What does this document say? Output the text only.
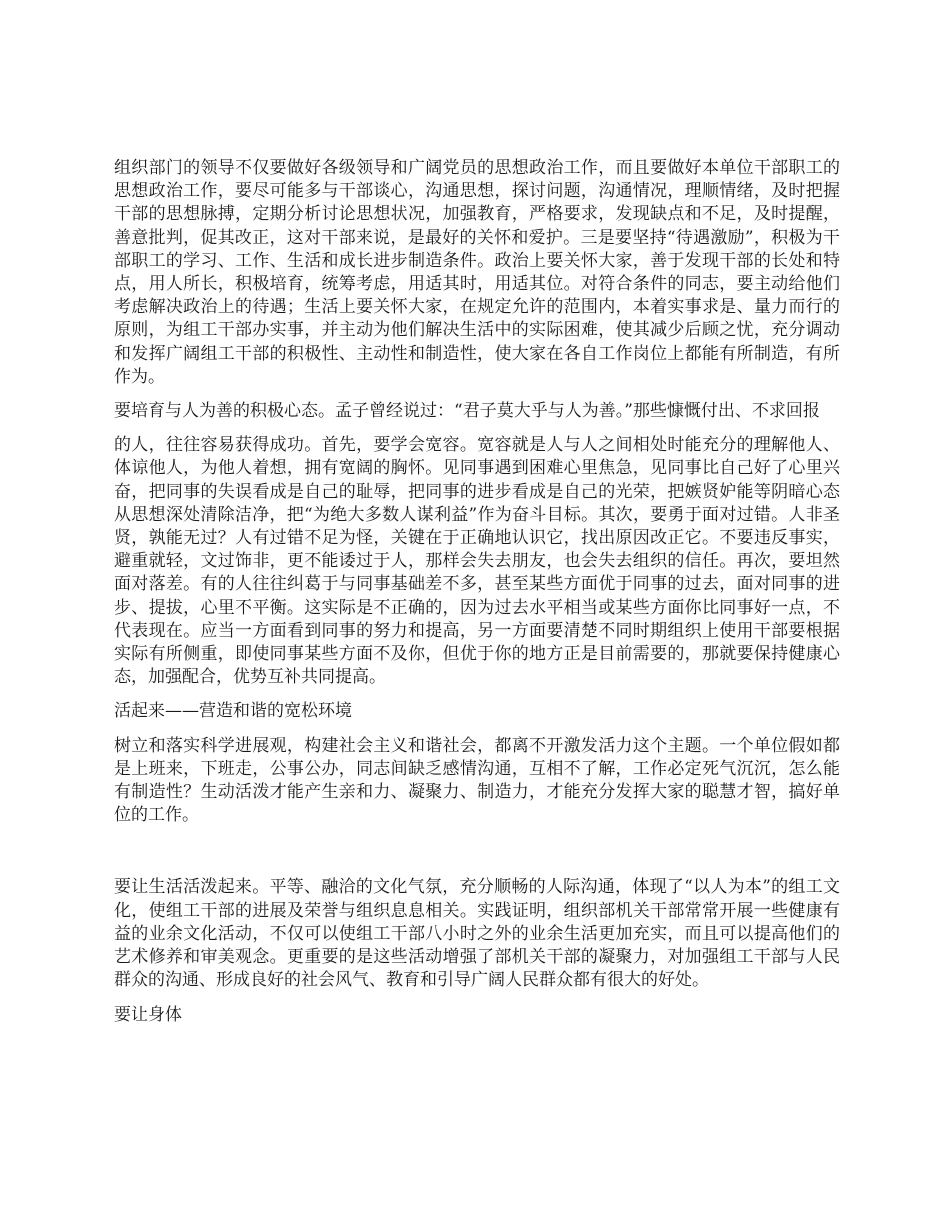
组织部门的领导不仅要做好各级领导和广阔党员的思想政治工作，而且要做好本单位干部职工的思想政治工作，要尽可能多与干部谈心，沟通思想，探讨问题，沟通情况，理顺情绪，及时把握干部的思想脉搏，定期分析讨论思想状况，加强教育，严格要求，发现缺点和不足，及时提醒，善意批判，促其改正，这对干部来说，是最好的关怀和爱护。三是要坚持“待遇激励”，积极为干部职工的学习、工作、生活和成长进步制造条件。政治上要关怀大家，善于发现干部的长处和特点，用人所长，积极培育，统筹考虑，用适其时，用适其位。对符合条件的同志，要主动给他们考虑解决政治上的待遇；生活上要关怀大家，在规定允许的范围内，本着实事求是、量力而行的原则，为组工干部办实事，并主动为他们解决生活中的实际困难，使其减少后顾之忧，充分调动和发挥广阔组工干部的积极性、主动性和制造性，使大家在各自工作岗位上都能有所制造，有所作为。

要培育与人为善的积极心态。孟子曾经说过：“君子莫大乎与人为善。”那些慷慨付出、不求回报

的人，往往容易获得成功。首先，要学会宽容。宽容就是人与人之间相处时能充分的理解他人、体谅他人，为他人着想，拥有宽阔的胸怀。见同事遇到困难心里焦急，见同事比自己好了心里兴奋，把同事的失误看成是自己的耻辱，把同事的进步看成是自己的光荣，把嫉贤妒能等阴暗心态从思想深处清除洁净，把“为绝大多数人谋利益”作为奋斗目标。其次，要勇于面对过错。人非圣贤，孰能无过？人有过错不足为怪，关键在于正确地认识它，找出原因改正它。不要违反事实，避重就轻，文过饰非，更不能诿过于人，那样会失去朋友，也会失去组织的信任。再次，要坦然面对落差。有的人往往纠葛于与同事基础差不多，甚至某些方面优于同事的过去，面对同事的进步、提拔，心里不平衡。这实际是不正确的，因为过去水平相当或某些方面你比同事好一点，不代表现在。应当一方面看到同事的努力和提高，另一方面要清楚不同时期组织上使用干部要根据实际有所侧重，即使同事某些方面不及你，但优于你的地方正是目前需要的，那就要保持健康心态，加强配合，优势互补共同提高。

活起来——营造和谐的宽松环境

树立和落实科学进展观，构建社会主义和谐社会，都离不开激发活力这个主题。一个单位假如都是上班来，下班走，公事公办，同志间缺乏感情沟通，互相不了解，工作必定死气沉沉，怎么能有制造性？生动活泼才能产生亲和力、凝聚力、制造力，才能充分发挥大家的聪慧才智，搞好单位的工作。

要让生活活泼起来。平等、融洽的文化气氛，充分顺畅的人际沟通，体现了“以人为本”的组工文化，使组工干部的进展及荣誉与组织息息相关。实践证明，组织部机关干部常常开展一些健康有益的业余文化活动，不仅可以使组工干部八小时之外的业余生活更加充实，而且可以提高他们的艺术修养和审美观念。更重要的是这些活动增强了部机关干部的凝聚力，对加强组工干部与人民群众的沟通、形成良好的社会风气、教育和引导广阔人民群众都有很大的好处。

要让身体
